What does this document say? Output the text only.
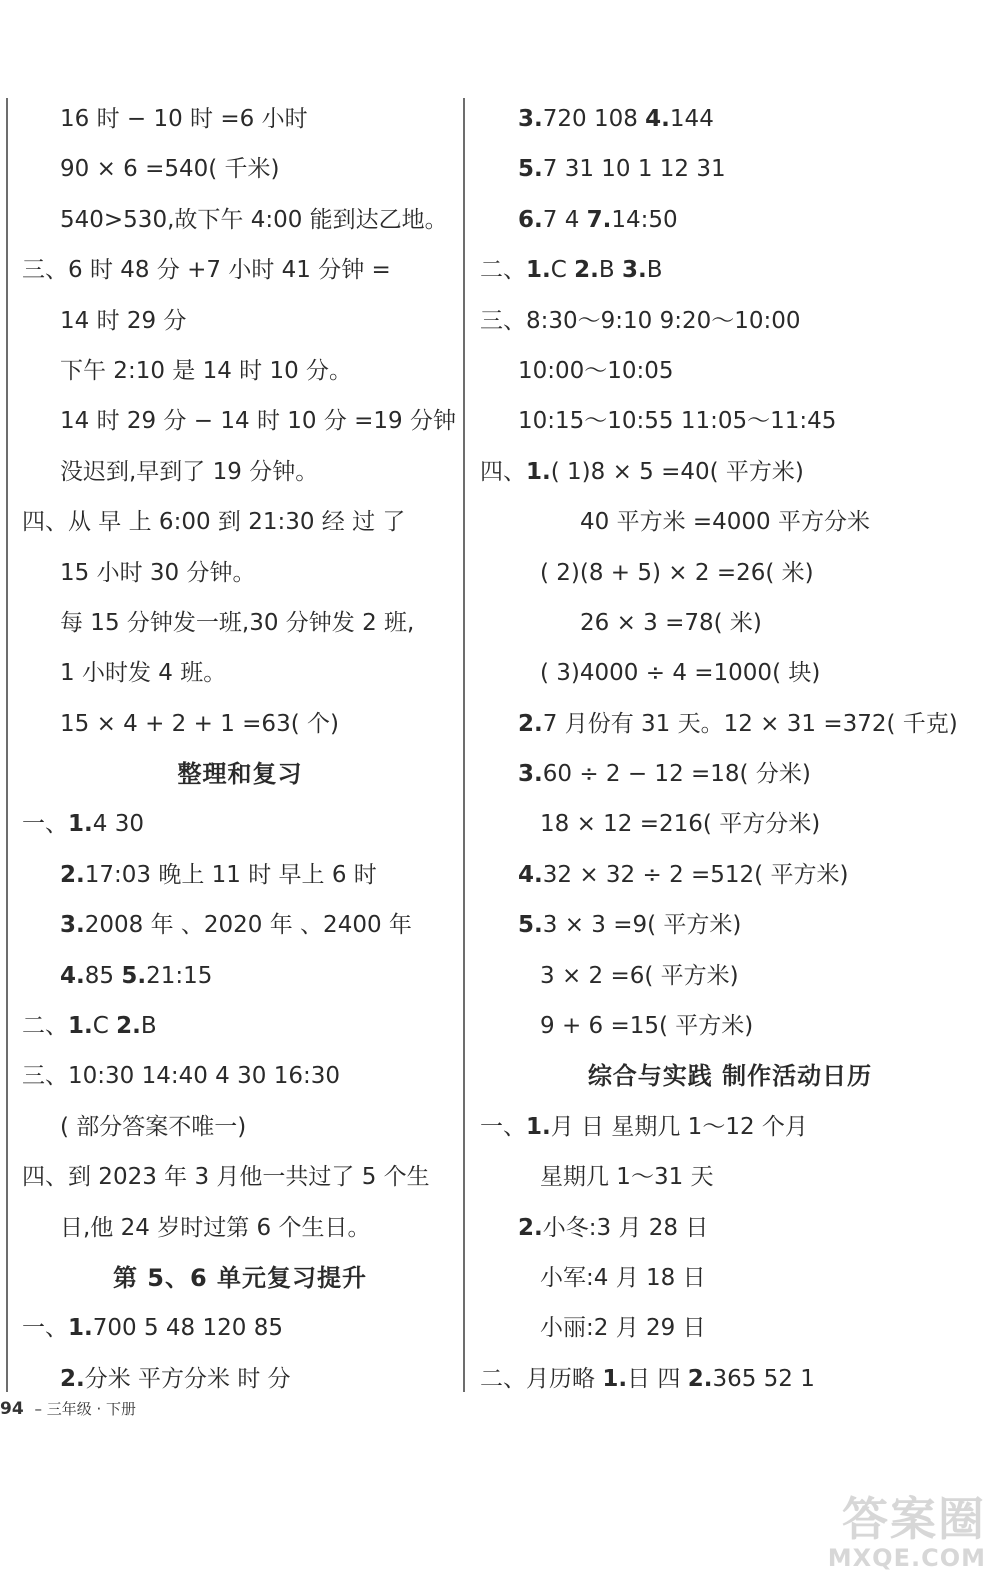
16 时 − 10 时 =6 小时
90 × 6 =540( 千米)
540>530,故下午 4:00 能到达乙地。
三、6 时 48 分 +7 小时 41 分钟 =
14 时 29 分
下午 2:10 是 14 时 10 分。
14 时 29 分 − 14 时 10 分 =19 分钟
没迟到,早到了 19 分钟。
四、从 早 上 6:00 到 21:30 经 过 了
15 小时 30 分钟。
每 15 分钟发一班,30 分钟发 2 班,
1 小时发 4 班。
15 × 4 + 2 + 1 =63( 个)
整理和复习
一、1.4 30
2.17:03 晚上 11 时 早上 6 时
3.2008 年 、2020 年 、2400 年
4.85 5.21:15
二、1.C 2.B
三、10:30 14:40 4 30 16:30
( 部分答案不唯一)
四、到 2023 年 3 月他一共过了 5 个生
日,他 24 岁时过第 6 个生日。
第 5、6 单元复习提升
一、1.700 5 48 120 85
2.分米 平方分米 时 分
3.720 108 4.144
5.7 31 10 1 12 31
6.7 4 7.14:50
二、1.C 2.B 3.B
三、8:30～9:10 9:20～10:00
10:00～10:05
10:15～10:55 11:05～11:45
四、1.( 1)8 × 5 =40( 平方米)
40 平方米 =4000 平方分米
( 2)(8 + 5) × 2 =26( 米)
26 × 3 =78( 米)
( 3)4000 ÷ 4 =1000( 块)
2.7 月份有 31 天。12 × 31 =372( 千克)
3.60 ÷ 2 − 12 =18( 分米)
18 × 12 =216( 平方分米)
4.32 × 32 ÷ 2 =512( 平方米)
5.3 × 3 =9( 平方米)
3 × 2 =6( 平方米)
9 + 6 =15( 平方米)
综合与实践 制作活动日历
一、1.月 日 星期几 1～12 个月
星期几 1～31 天
2.小冬:3 月 28 日
小军:4 月 18 日
小丽:2 月 29 日
二、月历略 1.日 四 2.365 52 1
94 – 三年级 · 下册
答案圈
MXQE.COM
